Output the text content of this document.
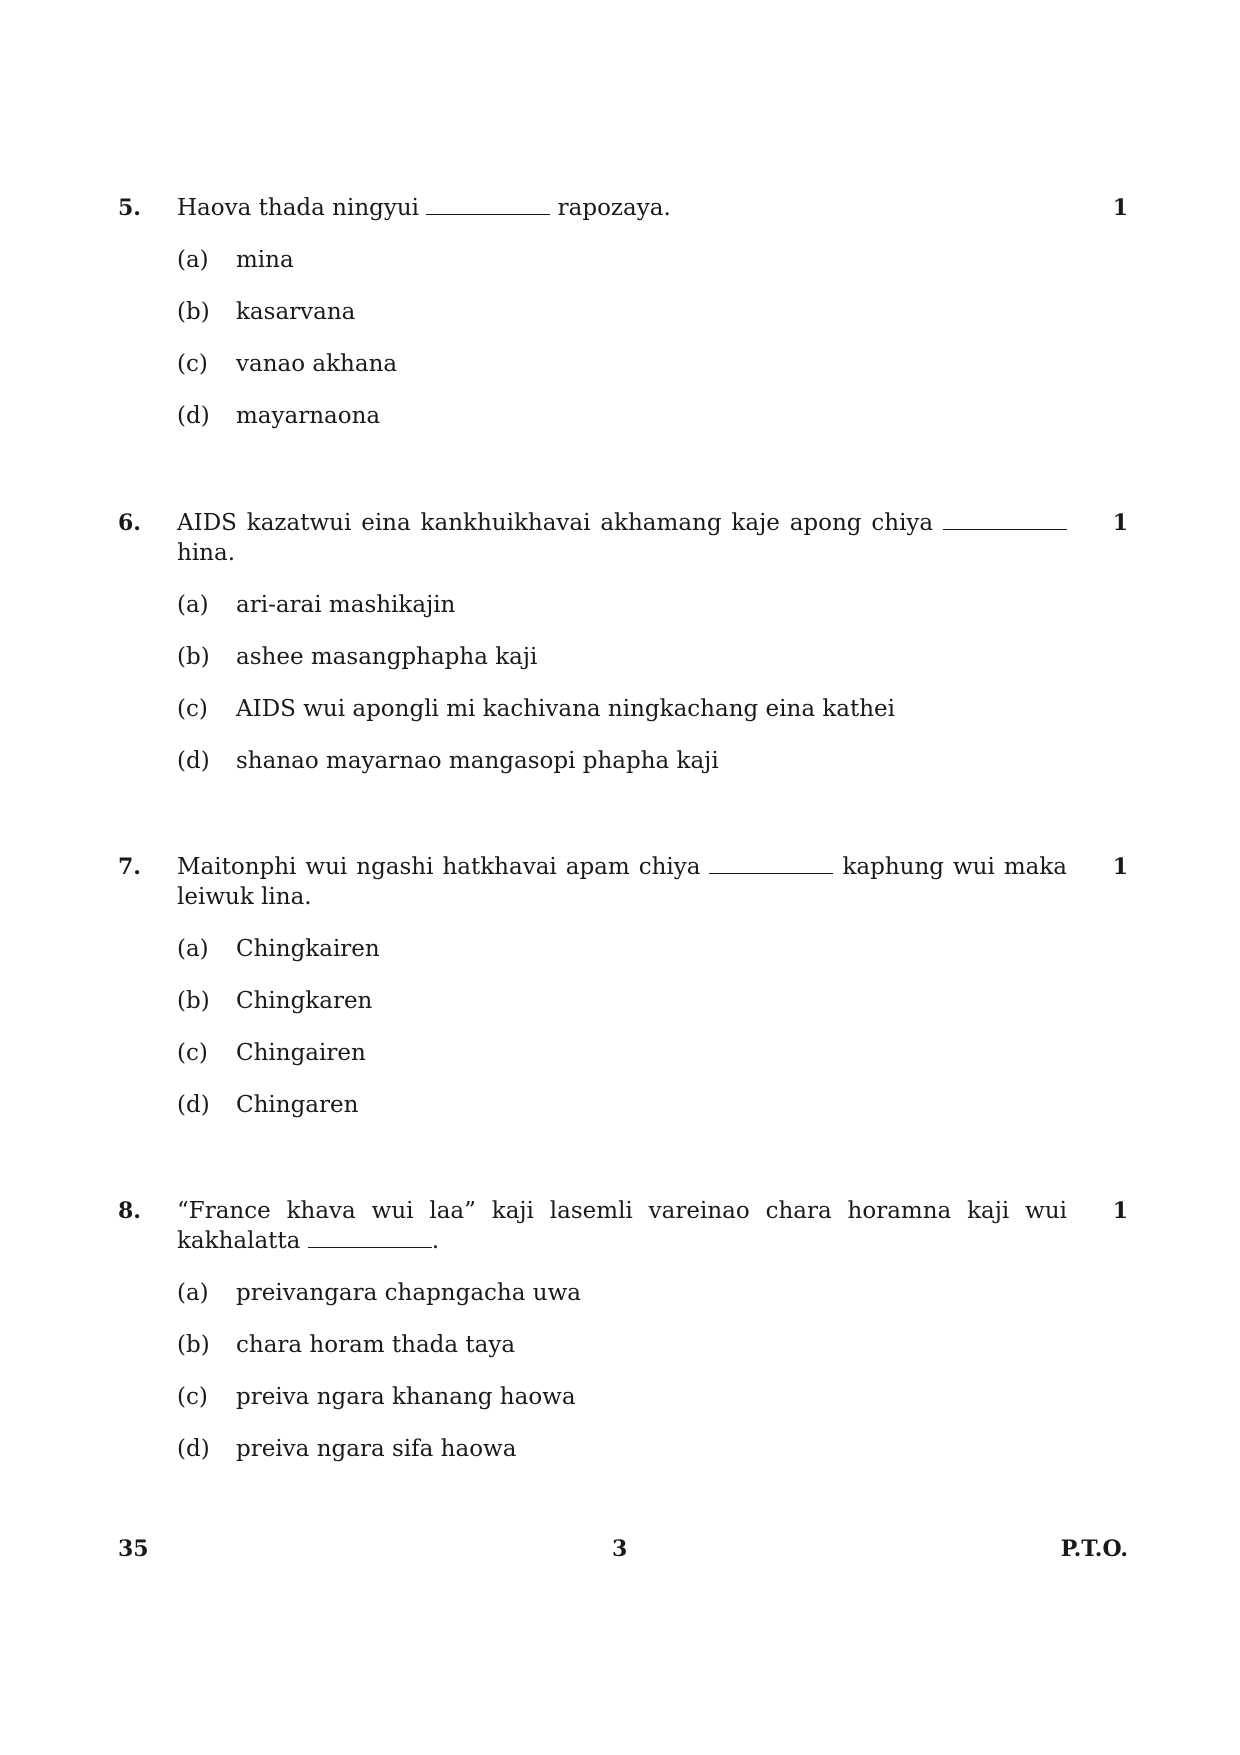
5. Haova thada ningyui	rapozaya.	1
(a) mina
(b) kasarvana
(c) vanao akhana
(d) mayarnaona
6. AIDS kazatwui eina kankhuikhavai akhamang kaje apong chiya  hina.
1
(a) ari-arai mashikajin
(b) ashee masangphapha kaji
(c) AIDS wui apongli mi kachivana ningkachang eina kathei
(d) shanao mayarnao mangasopi phapha kaji
7. Maitonphi wui ngashi hatkhavai apam chiya	kaphung wui maka leiwuk lina.
1
(a) Chingkairen
(b) Chingkaren
(c) Chingairen
(d) Chingaren
8. “France khava wui laa” kaji lasemli vareinao chara horamna kaji wui kakhalatta	.
1
(a) preivangara chapngacha uwa
(b) chara horam thada taya
(c) preiva ngara khanang haowa
(d) preiva ngara sifa haowa
35	3	P.T.O.
